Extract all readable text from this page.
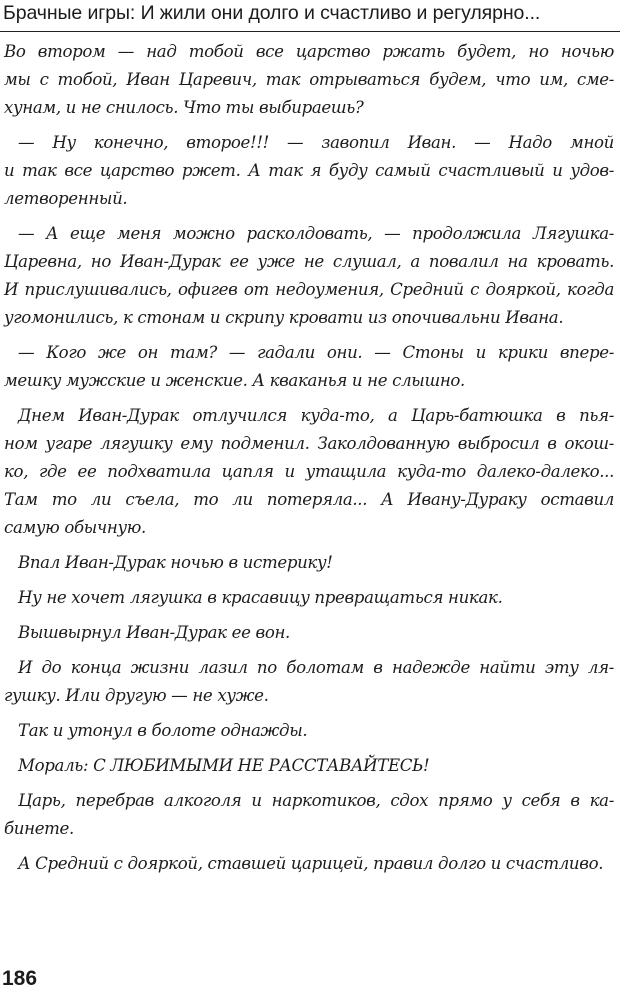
Брачные игры: И жили они долго и счастливо и регулярно...

Во втором — над тобой все царство ржать будет, но ночью
мы с тобой, Иван Царевич, так отрываться будем, что им, сме-
хунам, и не снилось. Что ты выбираешь?

— Ну конечно, второе!!! — завопил Иван. — Надо мной
и так все царство ржет. А так я буду самый счастливый и удов-
летворенный.

— А еще меня можно расколдовать, — продолжила Лягушка-
Царевна, но Иван-Дурак ее уже не слушал, а повалил на кровать.
И прислушивались, офигев от недоумения, Средний с дояркой, когда
угомонились, к стонам и скрипу кровати из опочивальни Ивана.

— Кого же он там? — гадали они. — Стоны и крики впере-
мешку мужские и женские. А кваканья и не слышно.

Днем Иван-Дурак отлучился куда-то, а Царь-батюшка в пья-
ном угаре лягушку ему подменил. Заколдованную выбросил в окош-
ко, где ее подхватила цапля и утащила куда-то далеко-далеко...
Там то ли съела, то ли потеряла... А Ивану-Дураку оставил
самую обычную.

Впал Иван-Дурак ночью в истерику!

Ну не хочет лягушка в красавицу превращаться никак.

Вышвырнул Иван-Дурак ее вон.

И до конца жизни лазил по болотам в надежде найти эту ля-
гушку. Или другую — не хуже.

Так и утонул в болоте однажды.

Мораль: С ЛЮБИМЫМИ НЕ РАССТАВАЙТЕСЬ!

Царь, перебрав алкоголя и наркотиков, сдох прямо у себя в ка-
бинете.

А Средний с дояркой, ставшей царицей, правил долго и счастливо.

186
